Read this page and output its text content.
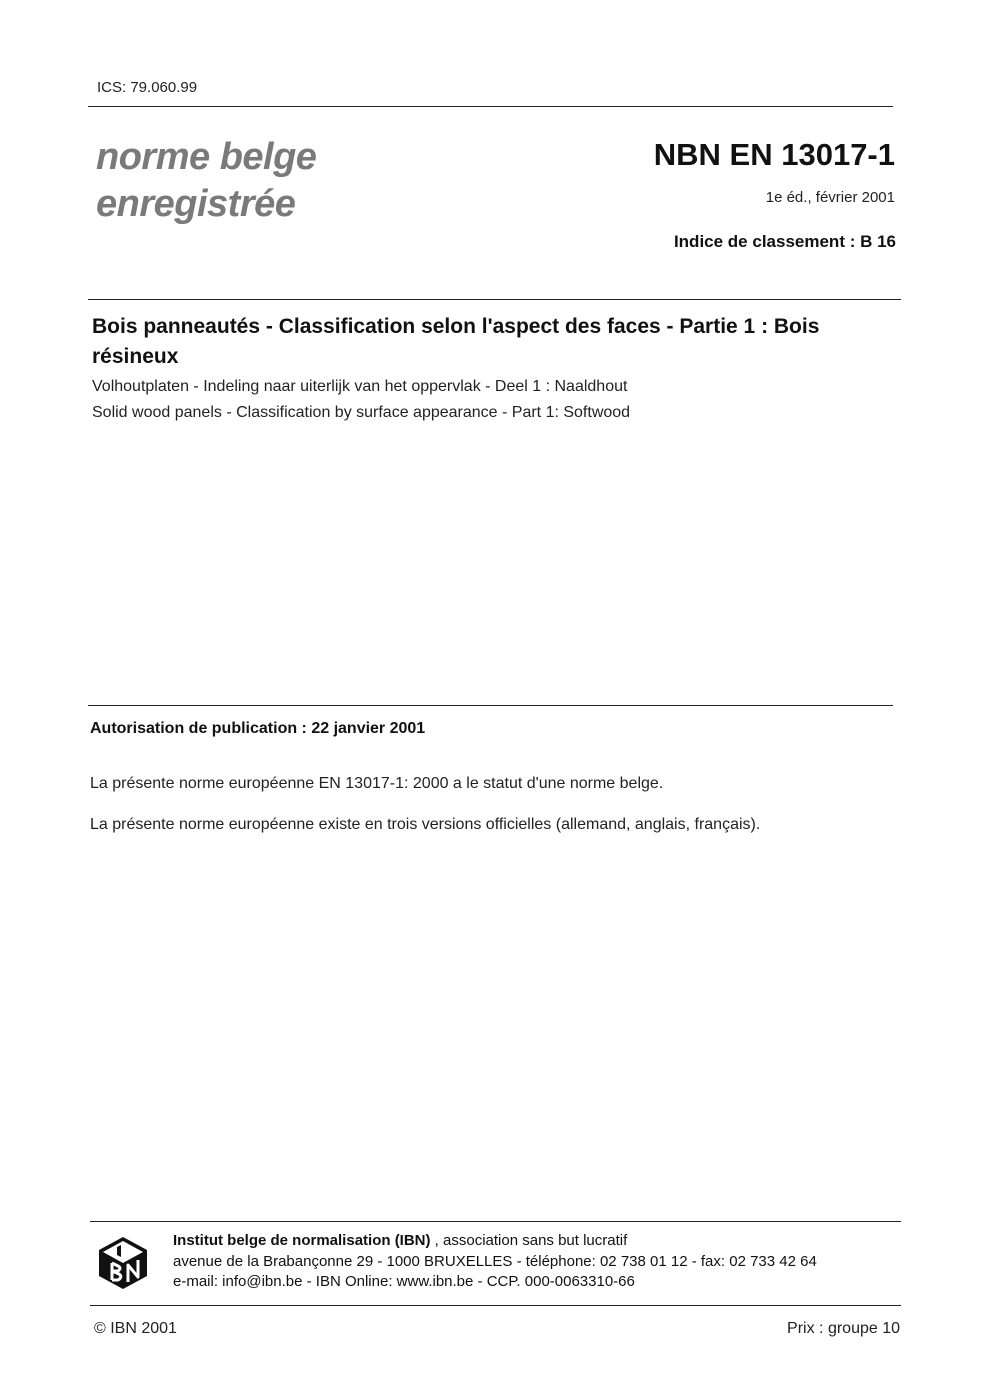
ICS: 79.060.99
norme belge
enregistrée
NBN EN 13017-1
1e éd., février 2001
Indice de classement : B 16
Bois panneautés - Classification selon l'aspect des faces - Partie 1 : Bois résineux
Volhoutplaten - Indeling naar uiterlijk van het oppervlak - Deel 1 : Naaldhout
Solid wood panels - Classification by surface appearance - Part 1: Softwood
Autorisation de publication : 22 janvier 2001
La présente norme européenne EN 13017-1: 2000 a le statut d'une norme belge.
La présente norme européenne existe en trois versions officielles (allemand, anglais, français).
Institut belge de normalisation (IBN) , association sans but lucratif
avenue de la Brabançonne 29 - 1000 BRUXELLES - téléphone: 02 738 01 12 - fax: 02 733 42 64
e-mail: info@ibn.be - IBN Online: www.ibn.be - CCP. 000-0063310-66
© IBN 2001	Prix : groupe 10
